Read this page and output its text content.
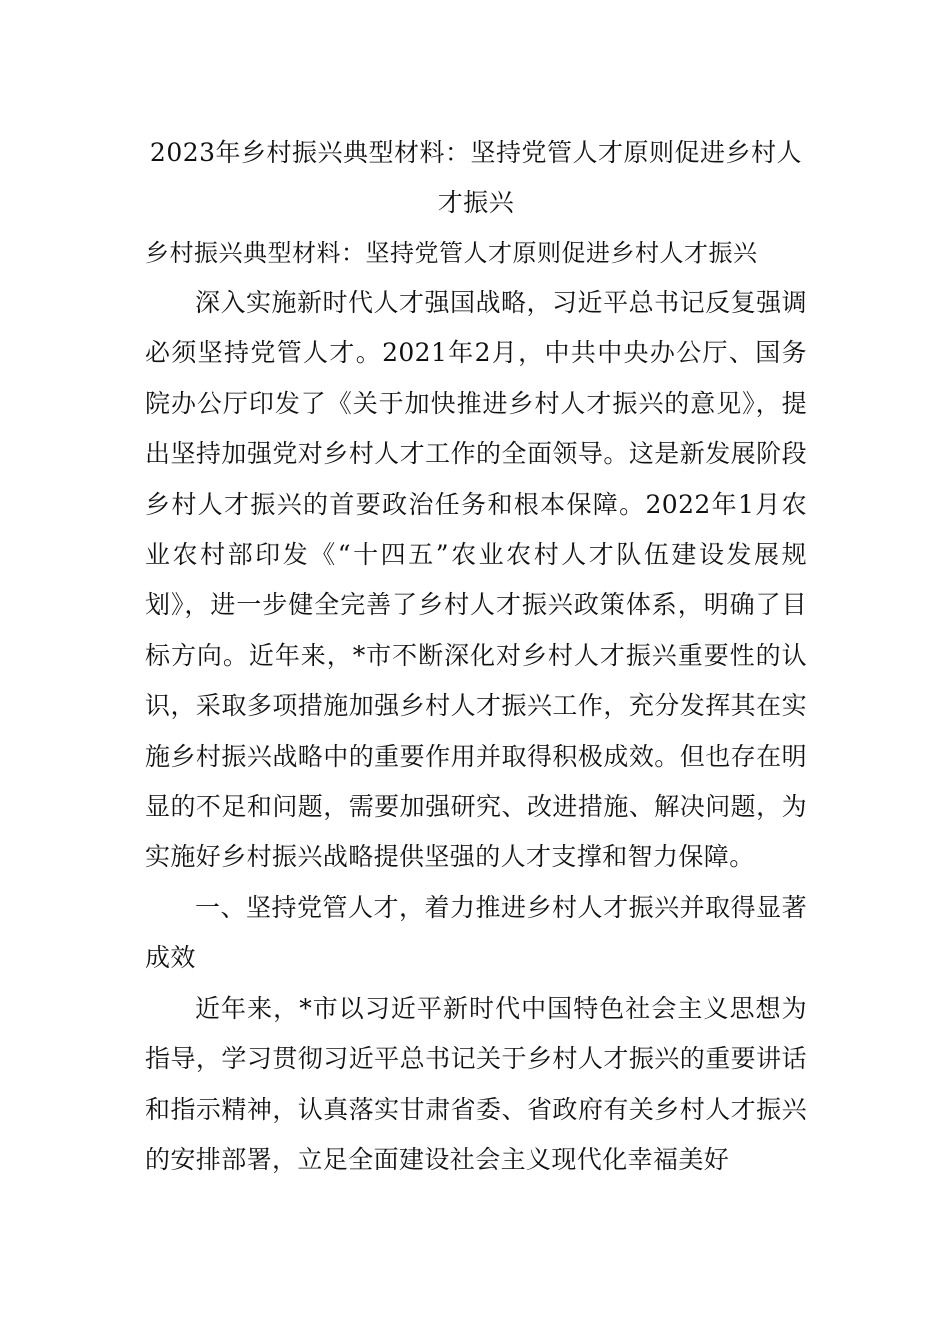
2023年乡村振兴典型材料：坚持党管人才原则促进乡村人才振兴

乡村振兴典型材料：坚持党管人才原则促进乡村人才振兴

深入实施新时代人才强国战略，习近平总书记反复强调必须坚持党管人才。2021年2月，中共中央办公厅、国务院办公厅印发了《关于加快推进乡村人才振兴的意见》，提出坚持加强党对乡村人才工作的全面领导。这是新发展阶段乡村人才振兴的首要政治任务和根本保障。2022年1月农业农村部印发《“十四五”农业农村人才队伍建设发展规划》，进一步健全完善了乡村人才振兴政策体系，明确了目标方向。近年来，*市不断深化对乡村人才振兴重要性的认识，采取多项措施加强乡村人才振兴工作，充分发挥其在实施乡村振兴战略中的重要作用并取得积极成效。但也存在明显的不足和问题，需要加强研究、改进措施、解决问题，为实施好乡村振兴战略提供坚强的人才支撑和智力保障。

一、坚持党管人才，着力推进乡村人才振兴并取得显著成效

近年来，*市以习近平新时代中国特色社会主义思想为指导，学习贯彻习近平总书记关于乡村人才振兴的重要讲话和指示精神，认真落实甘肃省委、省政府有关乡村人才振兴的安排部署，立足全面建设社会主义现代化幸福美好
